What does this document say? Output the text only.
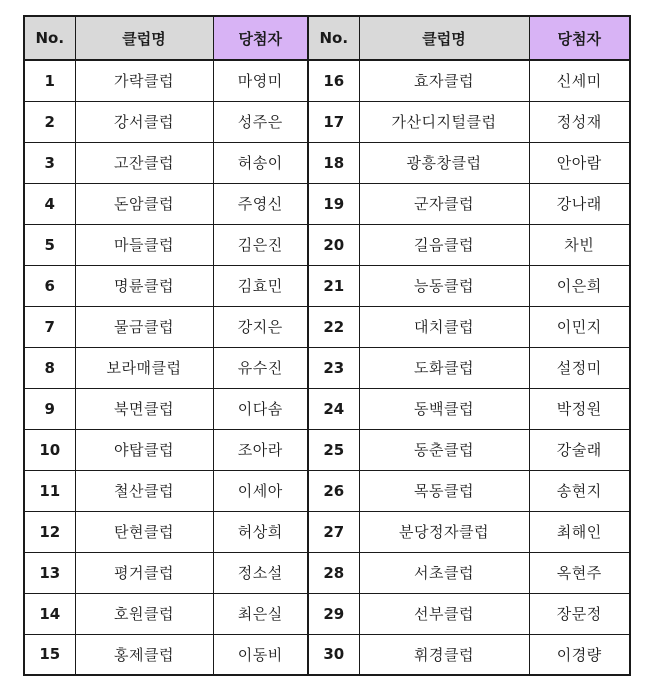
No.	클럽명	당첨자	No.	클럽명	당첨자
1	가락클럽	마영미	16	효자클럽	신세미
2	강서클럽	성주은	17	가산디지털클럽	정성재
3	고잔클럽	허송이	18	광흥창클럽	안아람
4	돈암클럽	주영신	19	군자클럽	강나래
5	마들클럽	김은진	20	길음클럽	차빈
6	명륜클럽	김효민	21	능동클럽	이은희
7	물금클럽	강지은	22	대치클럽	이민지
8	보라매클럽	유수진	23	도화클럽	설정미
9	북면클럽	이다솜	24	동백클럽	박정원
10	야탑클럽	조아라	25	동춘클럽	강술래
11	철산클럽	이세아	26	목동클럽	송현지
12	탄현클럽	허상희	27	분당정자클럽	최해인
13	평거클럽	정소설	28	서초클럽	옥현주
14	호원클럽	최은실	29	선부클럽	장문정
15	홍제클럽	이동비	30	휘경클럽	이경량
